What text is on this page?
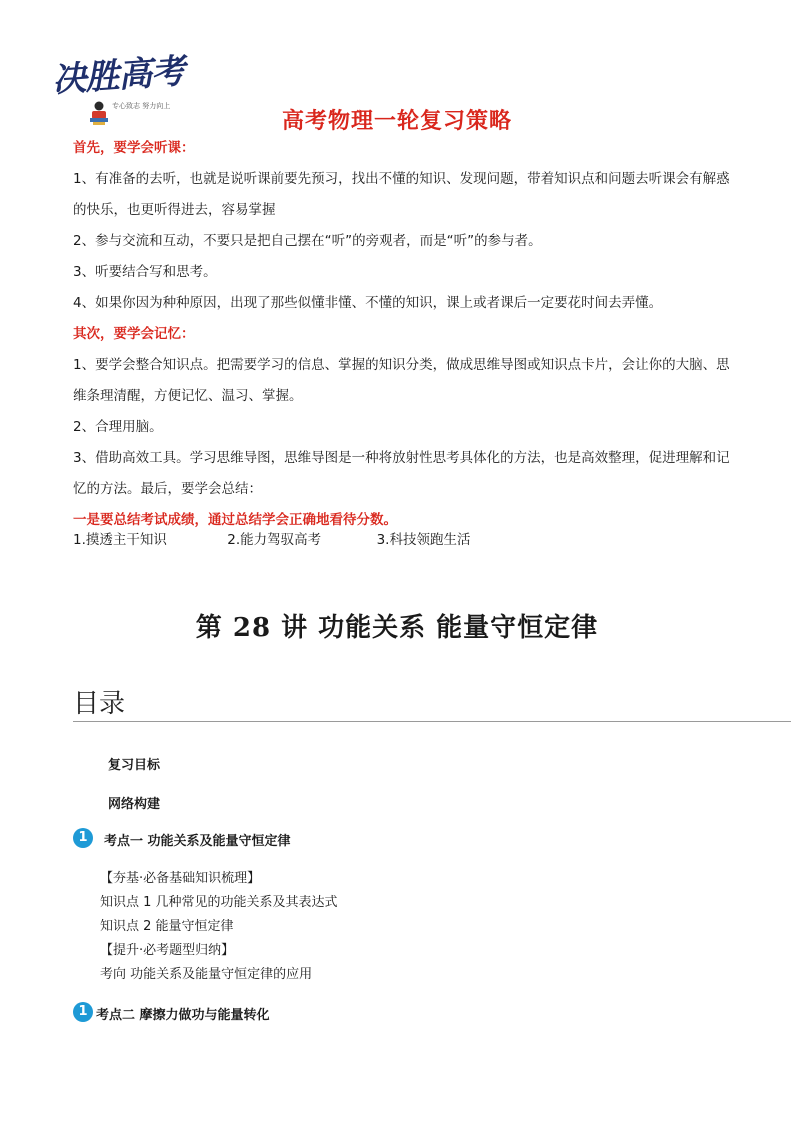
决胜高考
专心致志 努力向上
高考物理一轮复习策略
首先，要学会听课：
1、有准备的去听，也就是说听课前要先预习，找出不懂的知识、发现问题，带着知识点和问题去听课会有解惑的快乐，也更听得进去，容易掌握
2、参与交流和互动，不要只是把自己摆在“听”的旁观者，而是“听”的参与者。
3、听要结合写和思考。
4、如果你因为种种原因，出现了那些似懂非懂、不懂的知识，课上或者课后一定要花时间去弄懂。
其次，要学会记忆：
1、要学会整合知识点。把需要学习的信息、掌握的知识分类，做成思维导图或知识点卡片，会让你的大脑、思维条理清醒，方便记忆、温习、掌握。
2、合理用脑。
3、借助高效工具。学习思维导图，思维导图是一种将放射性思考具体化的方法，也是高效整理，促进理解和记忆的方法。最后，要学会总结：
一是要总结考试成绩，通过总结学会正确地看待分数。
1.摸透主干知识	2.能力驾驭高考	3.科技领跑生活
第 28 讲 功能关系 能量守恒定律
目录
复习目标
网络构建
1	考点一 功能关系及能量守恒定律
【夯基·必备基础知识梳理】
知识点 1 几种常见的功能关系及其表达式
知识点 2 能量守恒定律
【提升·必考题型归纳】
考向 功能关系及能量守恒定律的应用
1 考点二 摩擦力做功与能量转化
